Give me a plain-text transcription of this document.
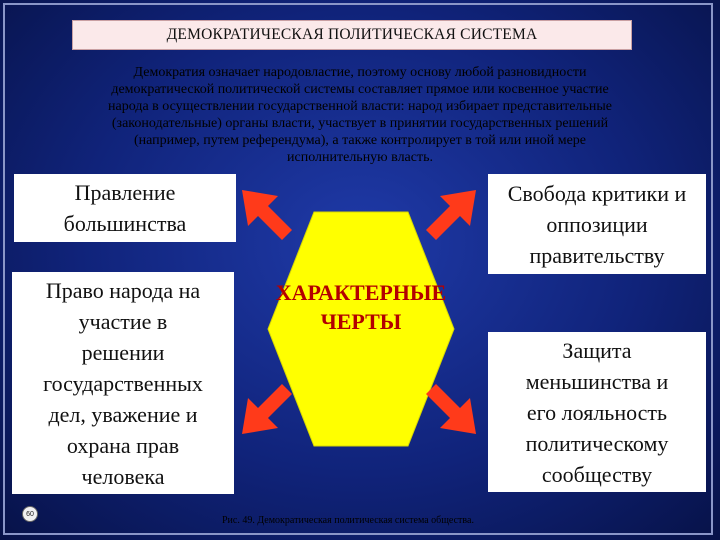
ДЕМОКРАТИЧЕСКАЯ ПОЛИТИЧЕСКАЯ СИСТЕМА
Демократия означает народовластие, поэтому основу любой разновидности
демократической политической системы составляет прямое или косвенное участие
народа в осуществлении государственной власти: народ избирает представительные
(законодательные) органы власти, участвует в принятии государственных решений
(например, путем референдума), а также контролирует в той или иной мере
исполнительную власть.
Правление
большинства
Свобода критики и
оппозиции
правительству
Право народа на
участие в
решении
государственных
дел, уважение и
охрана прав
человека
Защита
меньшинства и
его лояльность
политическому
сообществу
ХАРАКТЕРНЫЕ
ЧЕРТЫ
60
Рис. 49. Демократическая политическая система общества.
